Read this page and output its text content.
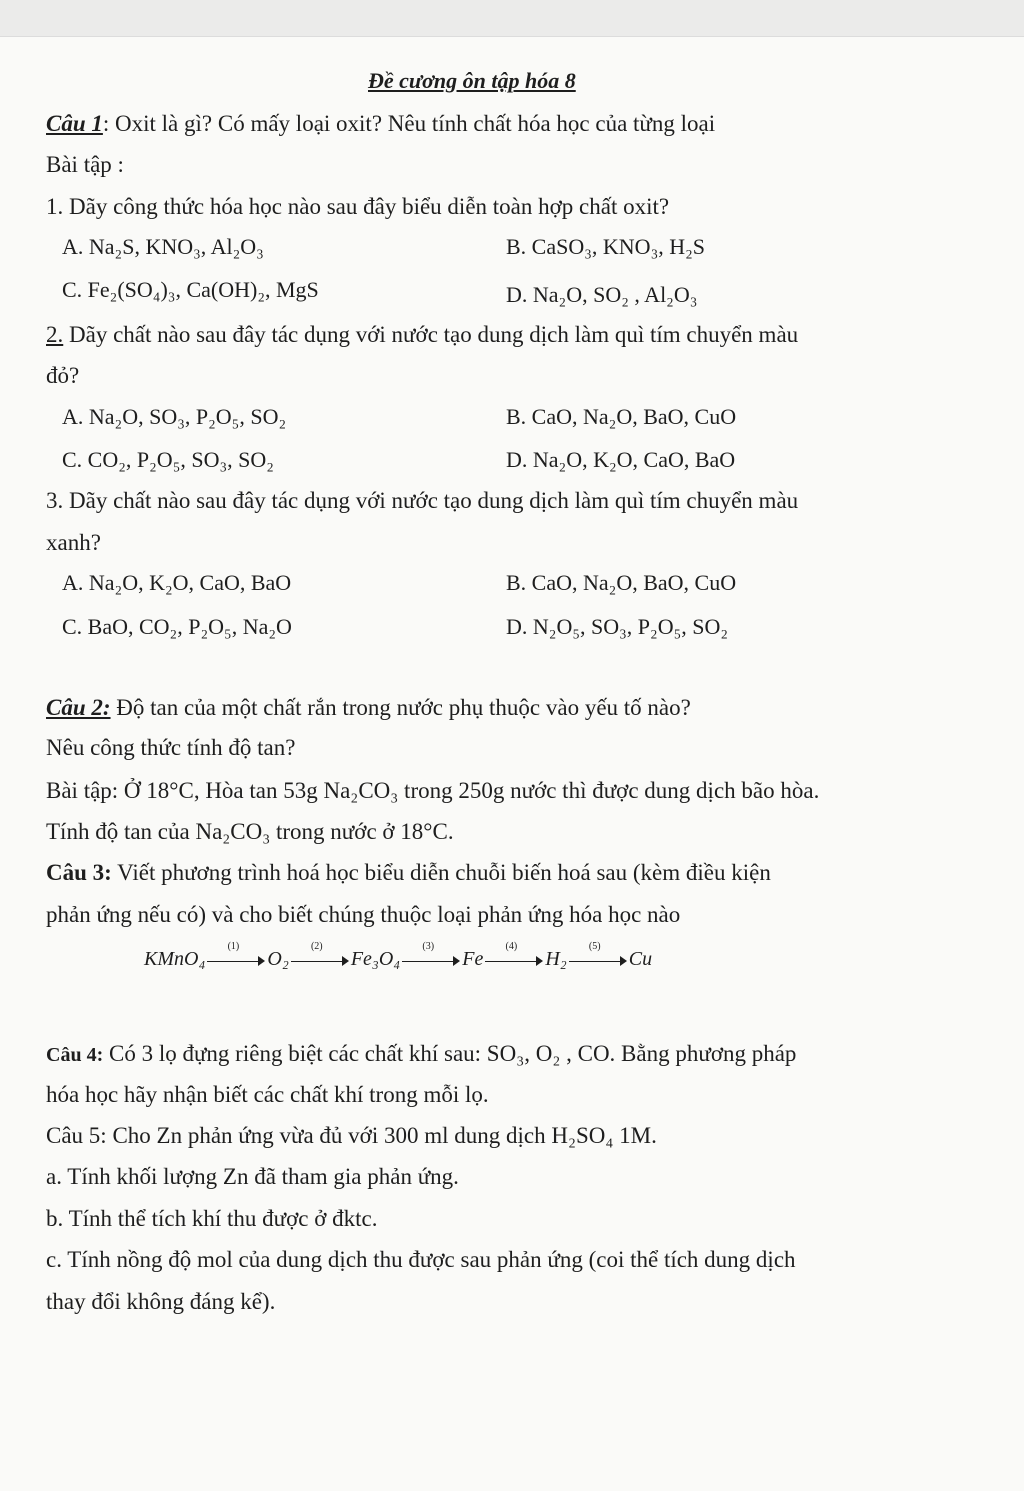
Đề cương ôn tập hóa 8
Câu 1: Oxit là gì? Có mấy loại oxit? Nêu tính chất hóa học của từng loại
Bài tập :
1. Dãy công thức hóa học nào sau đây biểu diễn toàn hợp chất oxit?
A. Na₂S, KNO₃, Al₂O₃	B. CaSO₃, KNO₃, H₂S
C. Fe₂(SO₄)₃, Ca(OH)₂, MgS	D. Na₂O, SO₂ , Al₂O₃
2. Dãy chất nào sau đây tác dụng với nước tạo dung dịch làm quì tím chuyển màu
đỏ?
A. Na₂O, SO₃, P₂O₅, SO₂	B. CaO, Na₂O, BaO, CuO
C. CO₂, P₂O₅, SO₃, SO₂	D. Na₂O, K₂O, CaO, BaO
3. Dãy chất nào sau đây tác dụng với nước tạo dung dịch làm quì tím chuyển màu
xanh?
A. Na₂O, K₂O, CaO, BaO	B. CaO, Na₂O, BaO, CuO
C. BaO, CO₂, P₂O₅, Na₂O	D. N₂O₅, SO₃, P₂O₅, SO₂
Câu 2: Độ tan của một chất rắn trong nước phụ thuộc vào yếu tố nào?
Nêu công thức tính độ tan?
Bài tập: Ở 18°C, Hòa tan 53g Na₂CO₃ trong 250g nước thì được dung dịch bão hòa.
Tính độ tan của Na₂CO₃ trong nước ở 18°C.
Câu 3: Viết phương trình hoá học biểu diễn chuỗi biến hoá sau (kèm điều kiện
phản ứng nếu có) và cho biết chúng thuộc loại phản ứng hóa học nào
KMnO₄
(1)
O₂
(2)
Fe₃O₄
(3)
Fe
(4)
H₂
(5)
Cu
Câu 4: Có 3 lọ đựng riêng biệt các chất khí sau: SO₃, O₂ , CO. Bằng phương pháp
hóa học hãy nhận biết các chất khí trong mỗi lọ.
Câu 5: Cho Zn phản ứng vừa đủ với 300 ml dung dịch H₂SO₄ 1M.
a. Tính khối lượng Zn đã tham gia phản ứng.
b. Tính thể tích khí thu được ở đktc.
c. Tính nồng độ mol của dung dịch thu được sau phản ứng (coi thể tích dung dịch
thay đổi không đáng kể).
